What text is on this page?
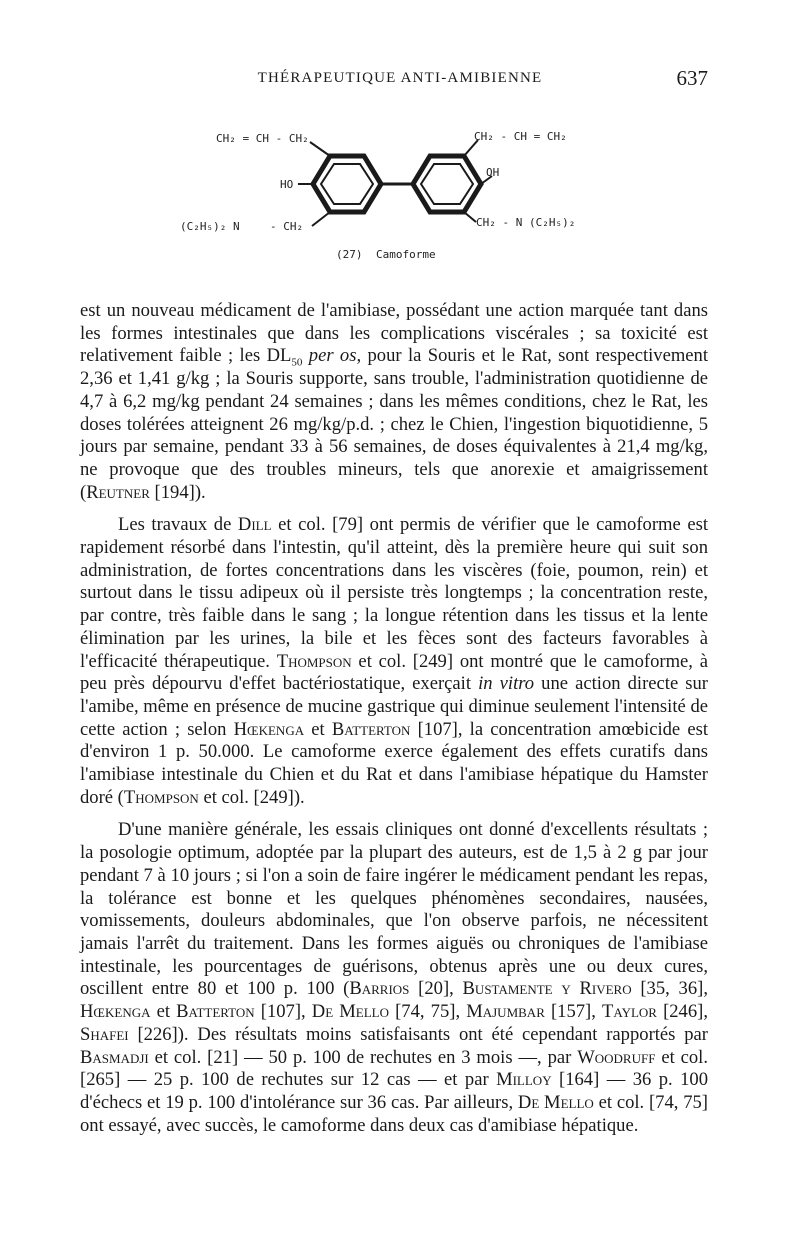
THÉRAPEUTIQUE ANTI-AMIBIENNE	637
CH₂ = CH - CH₂
HO
(C₂H₅)₂ N	- CH₂
CH₂ - CH = CH₂
OH
CH₂ - N (C₂H₅)₂
(27) Camoforme

est un nouveau médicament de l'amibiase, possédant une action marquée tant dans les formes intestinales que dans les complications viscérales ; sa toxicité est relativement faible ; les $DL_{50}$ per os, pour la Souris et le Rat, sont respectivement 2,36 et 1,41 g/kg ; la Souris supporte, sans trouble, l'administration quotidienne de 4,7 à 6,2 mg/kg pendant 24 semaines ; dans les mêmes conditions, chez le Rat, les doses tolérées atteignent 26 mg/kg/p.d. ; chez le Chien, l'ingestion biquotidienne, 5 jours par semaine, pendant 33 à 56 semaines, de doses équivalentes à 21,4 mg/kg, ne provoque que des troubles mineurs, tels que anorexie et amaigrissement (Reutner [194]).

Les travaux de Dill et col. [79] ont permis de vérifier que le camoforme est rapidement résorbé dans l'intestin, qu'il atteint, dès la première heure qui suit son administration, de fortes concentrations dans les viscères (foie, poumon, rein) et surtout dans le tissu adipeux où il persiste très longtemps ; la concentration reste, par contre, très faible dans le sang ; la longue rétention dans les tissus et la lente élimination par les urines, la bile et les fèces sont des facteurs favorables à l'efficacité thérapeutique. Thompson et col. [249] ont montré que le camoforme, à peu près dépourvu d'effet bactériostatique, exerçait in vitro une action directe sur l'amibe, même en présence de mucine gastrique qui diminue seulement l'intensité de cette action ; selon Hœkenga et Batterton [107], la concentration amœbicide est d'environ 1 p. 50.000. Le camoforme exerce également des effets curatifs dans l'amibiase intestinale du Chien et du Rat et dans l'amibiase hépatique du Hamster doré (Thompson et col. [249]).

D'une manière générale, les essais cliniques ont donné d'excellents résultats ; la posologie optimum, adoptée par la plupart des auteurs, est de 1,5 à 2 g par jour pendant 7 à 10 jours ; si l'on a soin de faire ingérer le médicament pendant les repas, la tolérance est bonne et les quelques phénomènes secondaires, nausées, vomissements, douleurs abdominales, que l'on observe parfois, ne nécessitent jamais l'arrêt du traitement. Dans les formes aiguës ou chroniques de l'amibiase intestinale, les pourcentages de guérisons, obtenus après une ou deux cures, oscillent entre 80 et 100 p. 100 (Barrios [20], Bustamente y Rivero [35, 36], Hœkenga et Batterton [107], De Mello [74, 75], Majumbar [157], Taylor [246], Shafei [226]). Des résultats moins satisfaisants ont été cependant rapportés par Basmadji et col. [21] — 50 p. 100 de rechutes en 3 mois —, par Woodruff et col. [265] — 25 p. 100 de rechutes sur 12 cas — et par Milloy [164] — 36 p. 100 d'échecs et 19 p. 100 d'intolérance sur 36 cas. Par ailleurs, De Mello et col. [74, 75] ont essayé, avec succès, le camoforme dans deux cas d'amibiase hépatique.
